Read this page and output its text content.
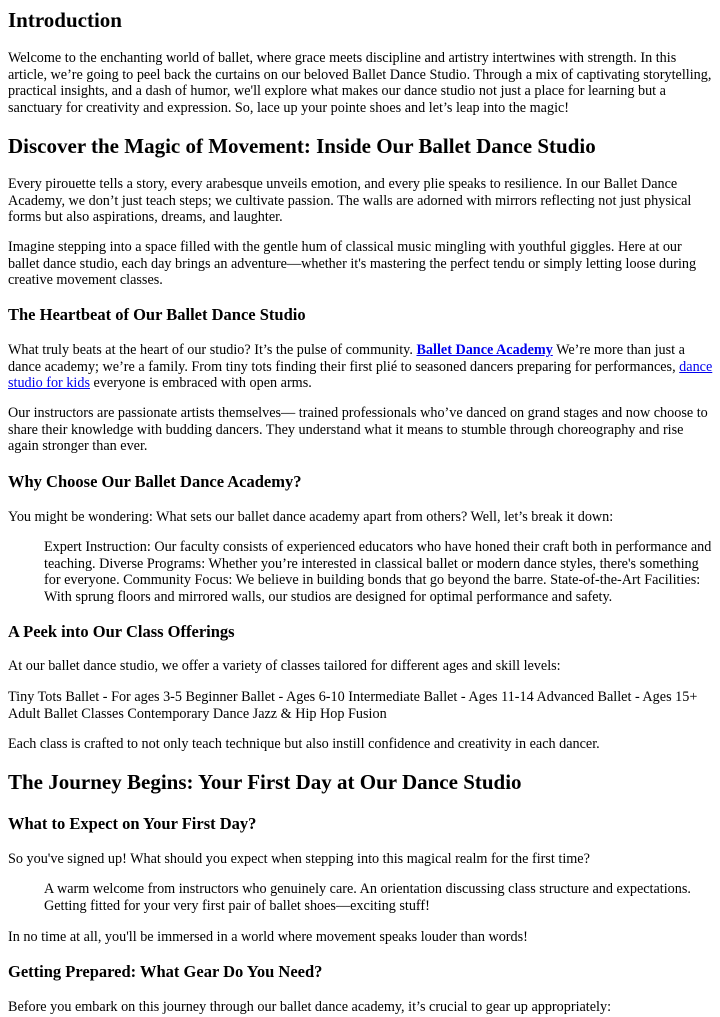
Introduction

Welcome to the enchanting world of ballet, where grace meets discipline and artistry intertwines with strength. In this article, we’re going to peel back the curtains on our beloved Ballet Dance Studio. Through a mix of captivating storytelling, practical insights, and a dash of humor, we'll explore what makes our dance studio not just a place for learning but a sanctuary for creativity and expression. So, lace up your pointe shoes and let’s leap into the magic!

Discover the Magic of Movement: Inside Our Ballet Dance Studio

Every pirouette tells a story, every arabesque unveils emotion, and every plie speaks to resilience. In our Ballet Dance Academy, we don’t just teach steps; we cultivate passion. The walls are adorned with mirrors reflecting not just physical forms but also aspirations, dreams, and laughter.

Imagine stepping into a space filled with the gentle hum of classical music mingling with youthful giggles. Here at our ballet dance studio, each day brings an adventure—whether it's mastering the perfect tendu or simply letting loose during creative movement classes.

The Heartbeat of Our Ballet Dance Studio

What truly beats at the heart of our studio? It’s the pulse of community. Ballet Dance Academy We’re more than just a dance academy; we’re a family. From tiny tots finding their first plié to seasoned dancers preparing for performances, dance studio for kids everyone is embraced with open arms.

Our instructors are passionate artists themselves— trained professionals who’ve danced on grand stages and now choose to share their knowledge with budding dancers. They understand what it means to stumble through choreography and rise again stronger than ever.

Why Choose Our Ballet Dance Academy?

You might be wondering: What sets our ballet dance academy apart from others? Well, let’s break it down:

Expert Instruction: Our faculty consists of experienced educators who have honed their craft both in performance and teaching. Diverse Programs: Whether you’re interested in classical ballet or modern dance styles, there's something for everyone. Community Focus: We believe in building bonds that go beyond the barre. State-of-the-Art Facilities: With sprung floors and mirrored walls, our studios are designed for optimal performance and safety.
A Peek into Our Class Offerings

At our ballet dance studio, we offer a variety of classes tailored for different ages and skill levels:

Tiny Tots Ballet - For ages 3-5 Beginner Ballet - Ages 6-10 Intermediate Ballet - Ages 11-14 Advanced Ballet - Ages 15+ Adult Ballet Classes Contemporary Dance Jazz & Hip Hop Fusion

Each class is crafted to not only teach technique but also instill confidence and creativity in each dancer.

The Journey Begins: Your First Day at Our Dance Studio
What to Expect on Your First Day?

So you've signed up! What should you expect when stepping into this magical realm for the first time?

A warm welcome from instructors who genuinely care. An orientation discussing class structure and expectations. Getting fitted for your very first pair of ballet shoes—exciting stuff!

In no time at all, you'll be immersed in a world where movement speaks louder than words!

Getting Prepared: What Gear Do You Need?

Before you embark on this journey through our ballet dance academy, it’s crucial to gear up appropriately:
